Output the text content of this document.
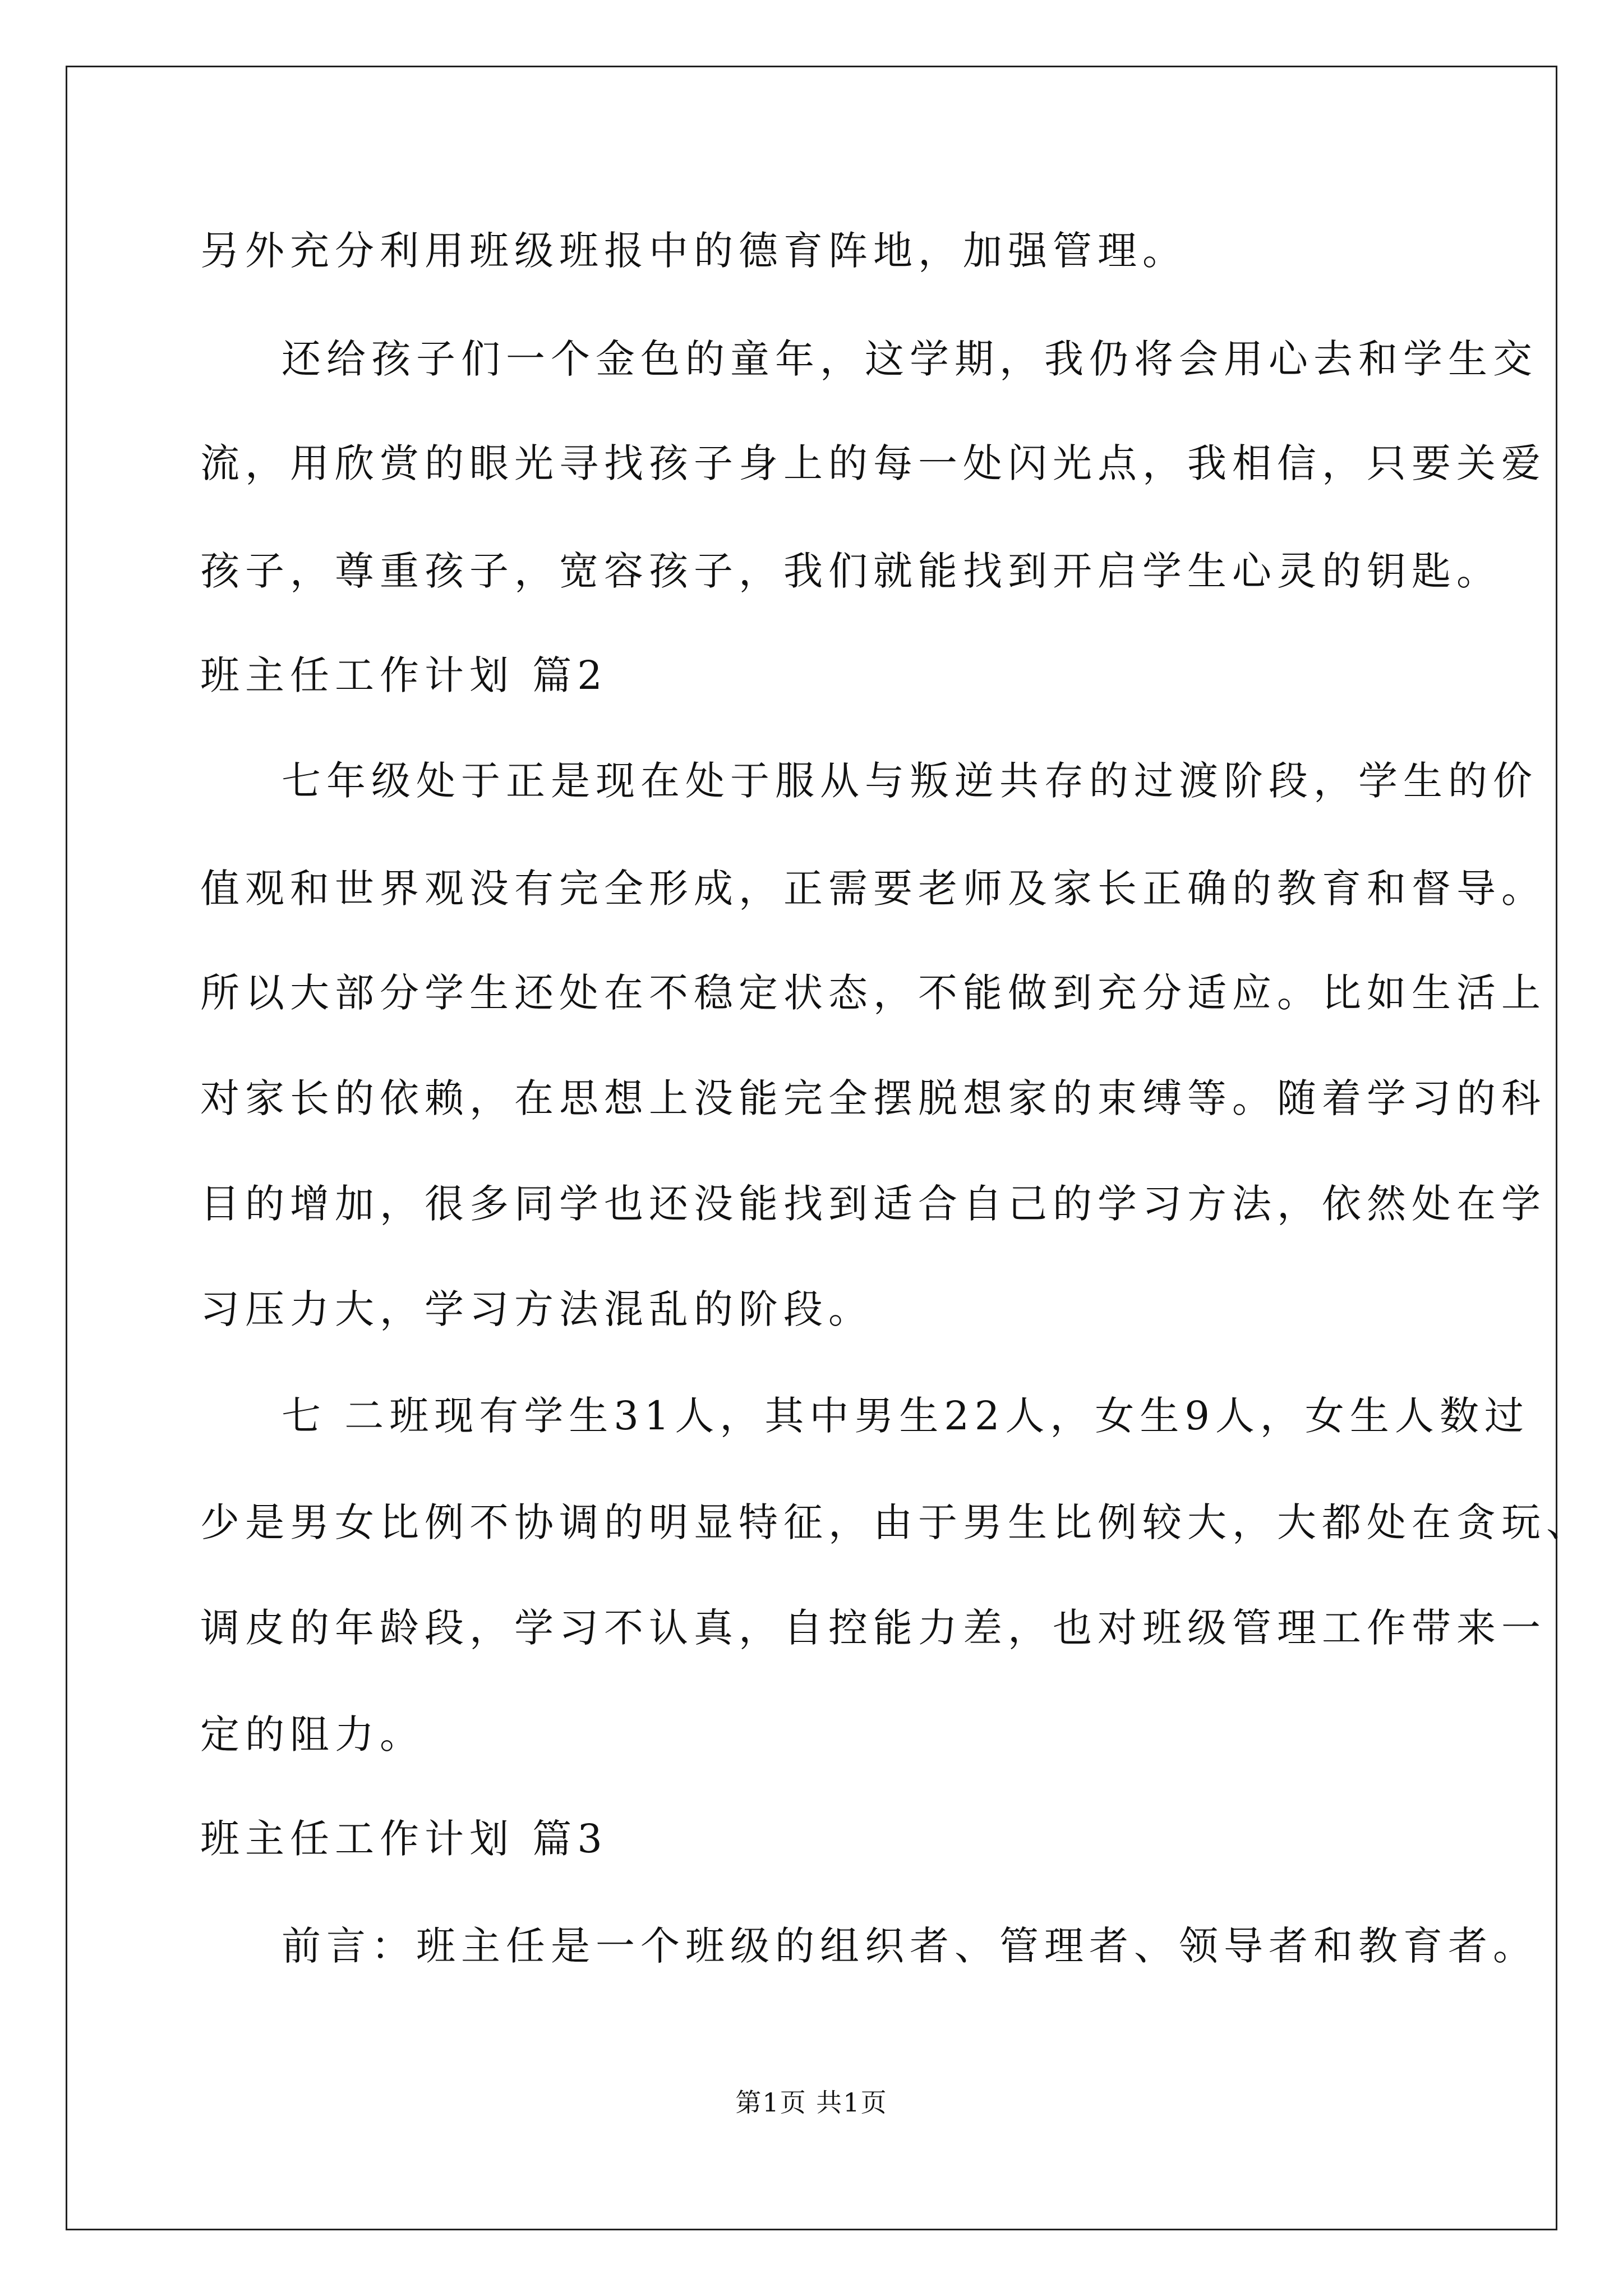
另外充分利用班级班报中的德育阵地，加强管理。
还给孩子们一个金色的童年，这学期，我仍将会用心去和学生交
流，用欣赏的眼光寻找孩子身上的每一处闪光点，我相信，只要关爱
孩子，尊重孩子，宽容孩子，我们就能找到开启学生心灵的钥匙。
班主任工作计划 篇2
七年级处于正是现在处于服从与叛逆共存的过渡阶段，学生的价
值观和世界观没有完全形成，正需要老师及家长正确的教育和督导。
所以大部分学生还处在不稳定状态，不能做到充分适应。比如生活上
对家长的依赖，在思想上没能完全摆脱想家的束缚等。随着学习的科
目的增加，很多同学也还没能找到适合自己的学习方法，依然处在学
习压力大，学习方法混乱的阶段。
七 二班现有学生31人，其中男生22人，女生9人，女生人数过
少是男女比例不协调的明显特征，由于男生比例较大，大都处在贪玩、
调皮的年龄段，学习不认真，自控能力差，也对班级管理工作带来一
定的阻力。
班主任工作计划 篇3
前言：班主任是一个班级的组织者、管理者、领导者和教育者。
第1页 共1页
